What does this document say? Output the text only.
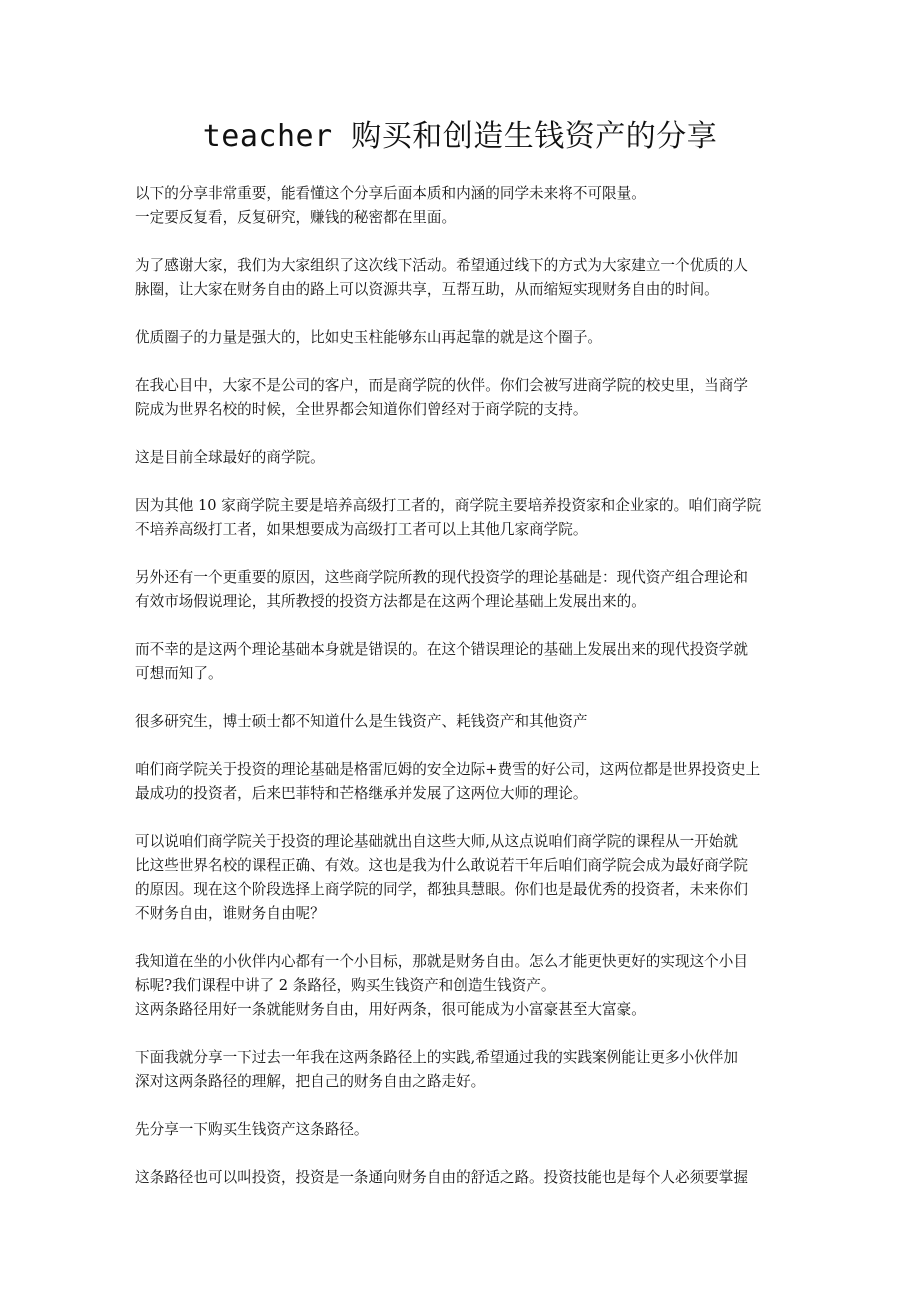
teacher 购买和创造生钱资产的分享

以下的分享非常重要，能看懂这个分享后面本质和内涵的同学未来将不可限量。
一定要反复看，反复研究，赚钱的秘密都在里面。

为了感谢大家，我们为大家组织了这次线下活动。希望通过线下的方式为大家建立一个优质的人
脉圈，让大家在财务自由的路上可以资源共享，互帮互助，从而缩短实现财务自由的时间。

优质圈子的力量是强大的，比如史玉柱能够东山再起靠的就是这个圈子。

在我心目中，大家不是公司的客户，而是商学院的伙伴。你们会被写进商学院的校史里，当商学
院成为世界名校的时候，全世界都会知道你们曾经对于商学院的支持。

这是目前全球最好的商学院。

因为其他 10 家商学院主要是培养高级打工者的，商学院主要培养投资家和企业家的。咱们商学院
不培养高级打工者，如果想要成为高级打工者可以上其他几家商学院。

另外还有一个更重要的原因，这些商学院所教的现代投资学的理论基础是：现代资产组合理论和
有效市场假说理论，其所教授的投资方法都是在这两个理论基础上发展出来的。

而不幸的是这两个理论基础本身就是错误的。在这个错误理论的基础上发展出来的现代投资学就
可想而知了。

很多研究生，博士硕士都不知道什么是生钱资产、耗钱资产和其他资产

咱们商学院关于投资的理论基础是格雷厄姆的安全边际+费雪的好公司，这两位都是世界投资史上
最成功的投资者，后来巴菲特和芒格继承并发展了这两位大师的理论。

可以说咱们商学院关于投资的理论基础就出自这些大师,从这点说咱们商学院的课程从一开始就
比这些世界名校的课程正确、有效。这也是我为什么敢说若干年后咱们商学院会成为最好商学院
的原因。现在这个阶段选择上商学院的同学，都独具慧眼。你们也是最优秀的投资者，未来你们
不财务自由，谁财务自由呢？

我知道在坐的小伙伴内心都有一个小目标，那就是财务自由。怎么才能更快更好的实现这个小目
标呢?我们课程中讲了 2 条路径，购买生钱资产和创造生钱资产。
这两条路径用好一条就能财务自由，用好两条，很可能成为小富豪甚至大富豪。

下面我就分享一下过去一年我在这两条路径上的实践,希望通过我的实践案例能让更多小伙伴加
深对这两条路径的理解，把自己的财务自由之路走好。

先分享一下购买生钱资产这条路径。

这条路径也可以叫投资，投资是一条通向财务自由的舒适之路。投资技能也是每个人必须要掌握
